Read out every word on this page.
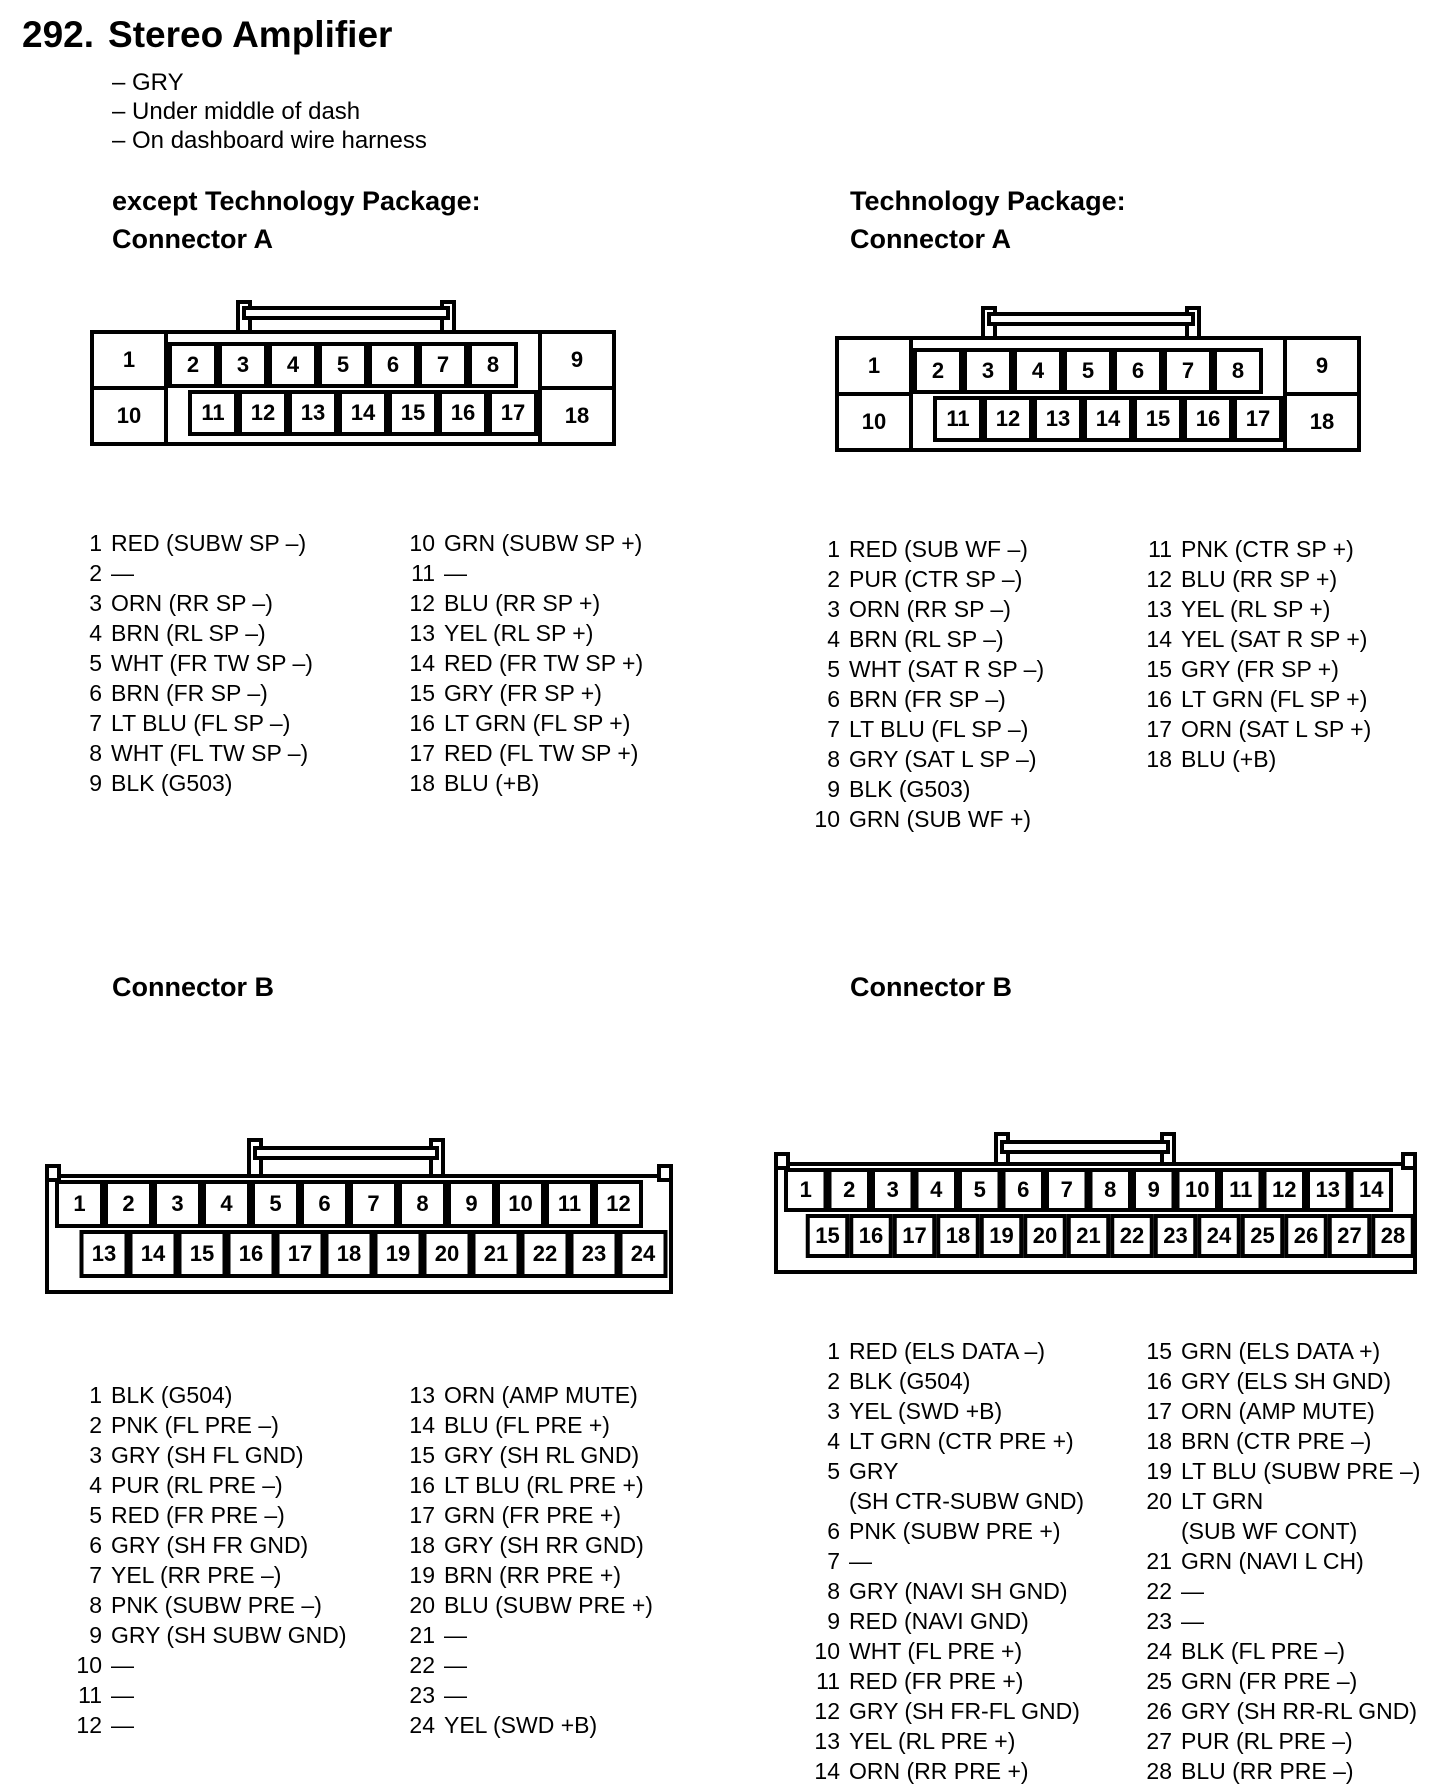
292. Stereo Amplifier
– GRY
– Under middle of dash
– On dashboard wire harness
except Technology Package:
Connector A
1
10
9
18
2 3 4 5 6 7 8
11 12 13 14 15 16 17
1 RED (SUBW SP –)
2 —
3 ORN (RR SP –)
4 BRN (RL SP –)
5 WHT (FR TW SP –)
6 BRN (FR SP –)
7 LT BLU (FL SP –)
8 WHT (FL TW SP –)
9 BLK (G503)
10 GRN (SUBW SP +)
11 —
12 BLU (RR SP +)
13 YEL (RL SP +)
14 RED (FR TW SP +)
15 GRY (FR SP +)
16 LT GRN (FL SP +)
17 RED (FL TW SP +)
18 BLU (+B)
Connector B
1 2 3 4 5 6 7 8 9 10 11 12
13 14 15 16 17 18 19 20 21 22 23 24
1 BLK (G504)
2 PNK (FL PRE –)
3 GRY (SH FL GND)
4 PUR (RL PRE –)
5 RED (FR PRE –)
6 GRY (SH FR GND)
7 YEL (RR PRE –)
8 PNK (SUBW PRE –)
9 GRY (SH SUBW GND)
10 —
11 —
12 —
13 ORN (AMP MUTE)
14 BLU (FL PRE +)
15 GRY (SH RL GND)
16 LT BLU (RL PRE +)
17 GRN (FR PRE +)
18 GRY (SH RR GND)
19 BRN (RR PRE +)
20 BLU (SUBW PRE +)
21 —
22 —
23 —
24 YEL (SWD +B)
Technology Package:
Connector A
1
10
9
18
2 3 4 5 6 7 8
11 12 13 14 15 16 17
1 RED (SUB WF –)
2 PUR (CTR SP –)
3 ORN (RR SP –)
4 BRN (RL SP –)
5 WHT (SAT R SP –)
6 BRN (FR SP –)
7 LT BLU (FL SP –)
8 GRY (SAT L SP –)
9 BLK (G503)
10 GRN (SUB WF +)
11 PNK (CTR SP +)
12 BLU (RR SP +)
13 YEL (RL SP +)
14 YEL (SAT R SP +)
15 GRY (FR SP +)
16 LT GRN (FL SP +)
17 ORN (SAT L SP +)
18 BLU (+B)
Connector B
1 2 3 4 5 6 7 8 9 10 11 12 13 14
15 16 17 18 19 20 21 22 23 24 25 26 27 28
1 RED (ELS DATA –)
2 BLK (G504)
3 YEL (SWD +B)
4 LT GRN (CTR PRE +)
5 GRY
(SH CTR-SUBW GND)
6 PNK (SUBW PRE +)
7 —
8 GRY (NAVI SH GND)
9 RED (NAVI GND)
10 WHT (FL PRE +)
11 RED (FR PRE +)
12 GRY (SH FR-FL GND)
13 YEL (RL PRE +)
14 ORN (RR PRE +)
15 GRN (ELS DATA +)
16 GRY (ELS SH GND)
17 ORN (AMP MUTE)
18 BRN (CTR PRE –)
19 LT BLU (SUBW PRE –)
20 LT GRN
(SUB WF CONT)
21 GRN (NAVI L CH)
22 —
23 —
24 BLK (FL PRE –)
25 GRN (FR PRE –)
26 GRY (SH RR-RL GND)
27 PUR (RL PRE –)
28 BLU (RR PRE –)
